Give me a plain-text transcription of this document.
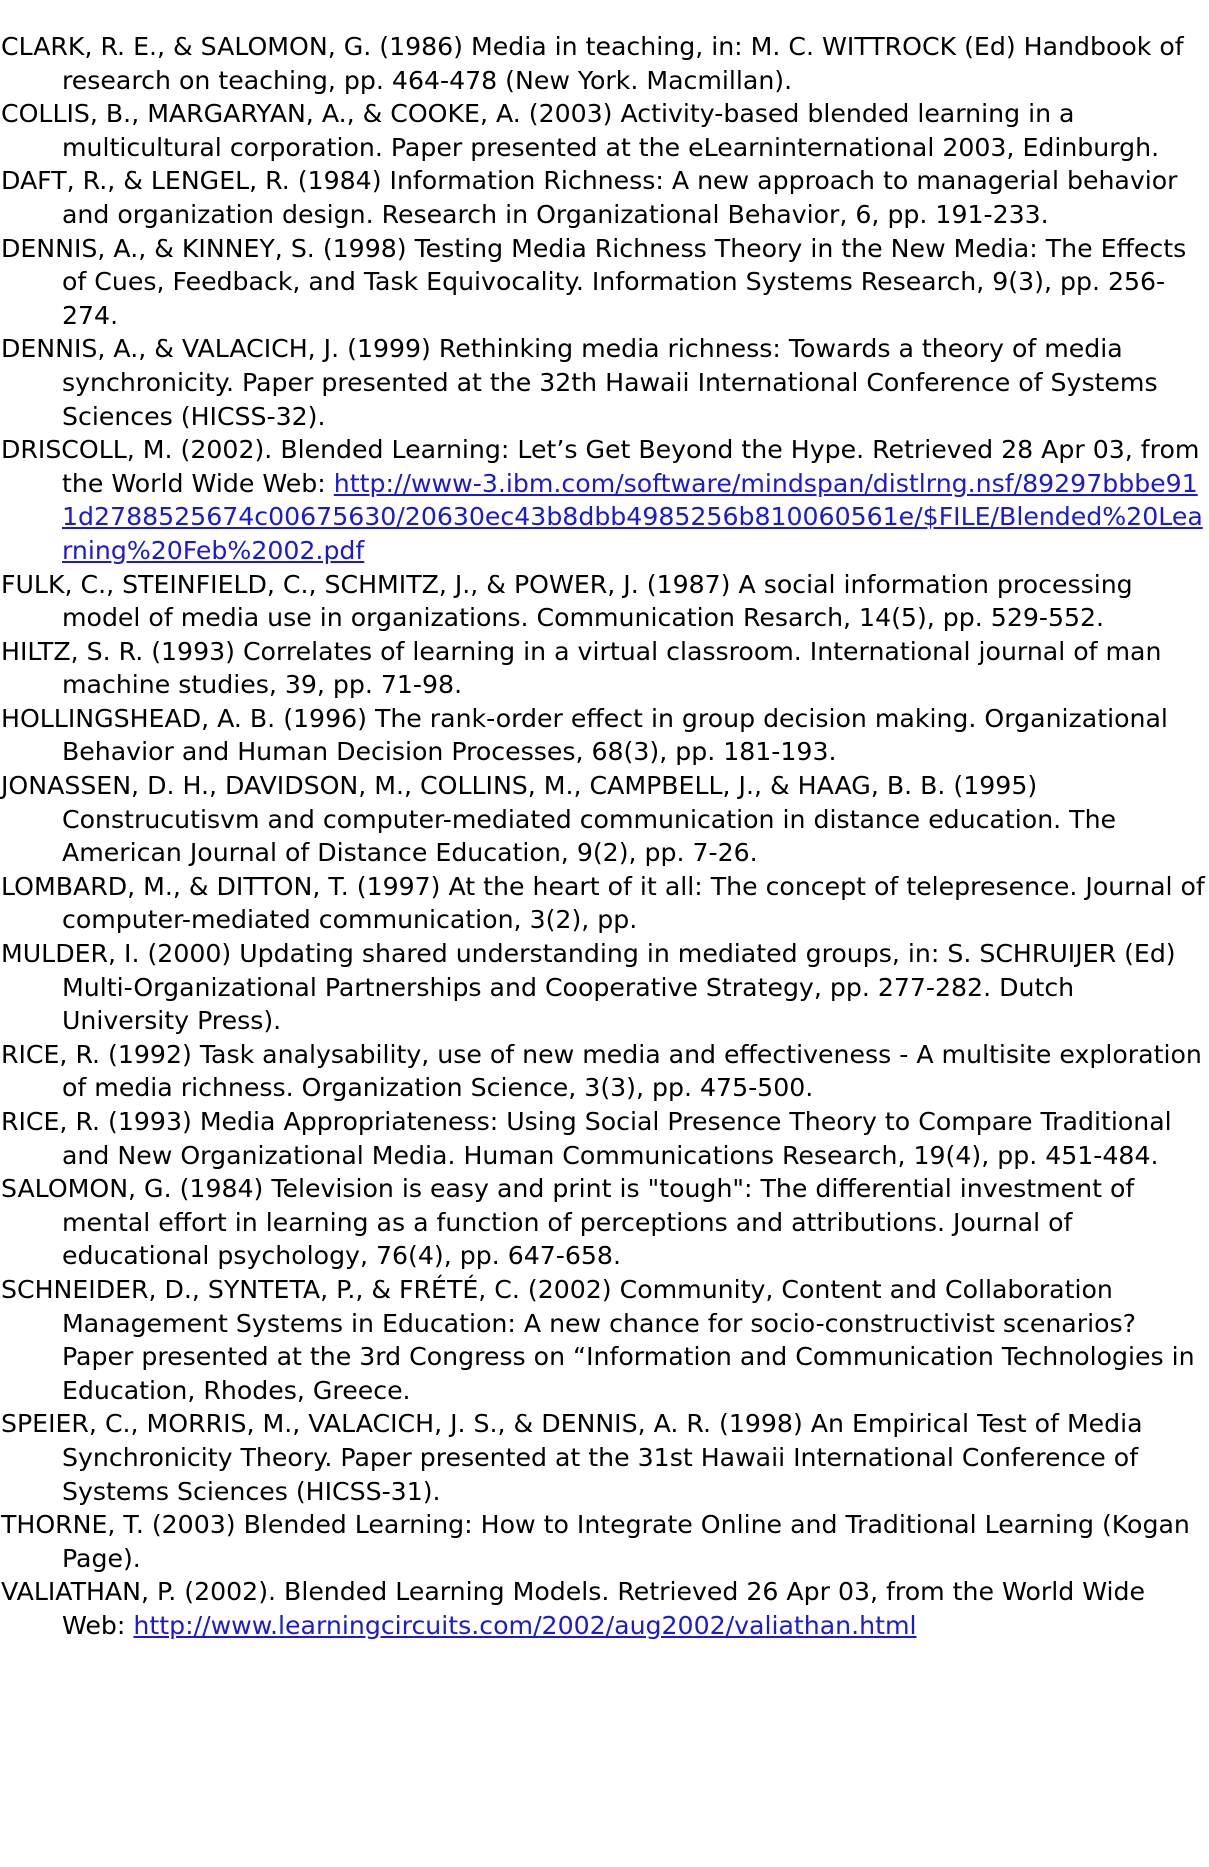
CLARK, R. E., & SALOMON, G. (1986) Media in teaching, in: M. C. WITTROCK (Ed) Handbook of research on teaching, pp. 464-478 (New York. Macmillan).

COLLIS, B., MARGARYAN, A., & COOKE, A. (2003) Activity-based blended learning in a multicultural corporation. Paper presented at the eLearninternational 2003, Edinburgh.

DAFT, R., & LENGEL, R. (1984) Information Richness: A new approach to managerial behavior and organization design. Research in Organizational Behavior, 6, pp. 191-233.

DENNIS, A., & KINNEY, S. (1998) Testing Media Richness Theory in the New Media: The Effects of Cues, Feedback, and Task Equivocality. Information Systems Research, 9(3), pp. 256-274.

DENNIS, A., & VALACICH, J. (1999) Rethinking media richness: Towards a theory of media synchronicity. Paper presented at the 32th Hawaii International Conference of Systems Sciences (HICSS-32).

DRISCOLL, M. (2002). Blended Learning: Let’s Get Beyond the Hype. Retrieved 28 Apr 03, from the World Wide Web: http://www-3.ibm.com/software/mindspan/distlrng.nsf/89297bbbe911d2788525674c00675630/20630ec43b8dbb4985256b810060561e/$FILE/Blended%20Learning%20Feb%2002.pdf

FULK, C., STEINFIELD, C., SCHMITZ, J., & POWER, J. (1987) A social information processing model of media use in organizations. Communication Resarch, 14(5), pp. 529-552.

HILTZ, S. R. (1993) Correlates of learning in a virtual classroom. International journal of man machine studies, 39, pp. 71-98.

HOLLINGSHEAD, A. B. (1996) The rank-order effect in group decision making. Organizational Behavior and Human Decision Processes, 68(3), pp. 181-193.

JONASSEN, D. H., DAVIDSON, M., COLLINS, M., CAMPBELL, J., & HAAG, B. B. (1995) Construcutisvm and computer-mediated communication in distance education. The American Journal of Distance Education, 9(2), pp. 7-26.

LOMBARD, M., & DITTON, T. (1997) At the heart of it all: The concept of telepresence. Journal of computer-mediated communication, 3(2), pp.

MULDER, I. (2000) Updating shared understanding in mediated groups, in: S. SCHRUIJER (Ed) Multi-Organizational Partnerships and Cooperative Strategy, pp. 277-282. Dutch University Press).

RICE, R. (1992) Task analysability, use of new media and effectiveness - A multisite exploration of media richness. Organization Science, 3(3), pp. 475-500.

RICE, R. (1993) Media Appropriateness: Using Social Presence Theory to Compare Traditional and New Organizational Media. Human Communications Research, 19(4), pp. 451-484.

SALOMON, G. (1984) Television is easy and print is "tough": The differential investment of mental effort in learning as a function of perceptions and attributions. Journal of educational psychology, 76(4), pp. 647-658.

SCHNEIDER, D., SYNTETA, P., & FRÉTÉ, C. (2002) Community, Content and Collaboration Management Systems in Education: A new chance for socio-constructivist scenarios? Paper presented at the 3rd Congress on “Information and Communication Technologies in Education, Rhodes, Greece.

SPEIER, C., MORRIS, M., VALACICH, J. S., & DENNIS, A. R. (1998) An Empirical Test of Media Synchronicity Theory. Paper presented at the 31st Hawaii International Conference of Systems Sciences (HICSS-31).

THORNE, T. (2003) Blended Learning: How to Integrate Online and Traditional Learning (Kogan Page).

VALIATHAN, P. (2002). Blended Learning Models. Retrieved 26 Apr 03, from the World Wide Web: http://www.learningcircuits.com/2002/aug2002/valiathan.html
